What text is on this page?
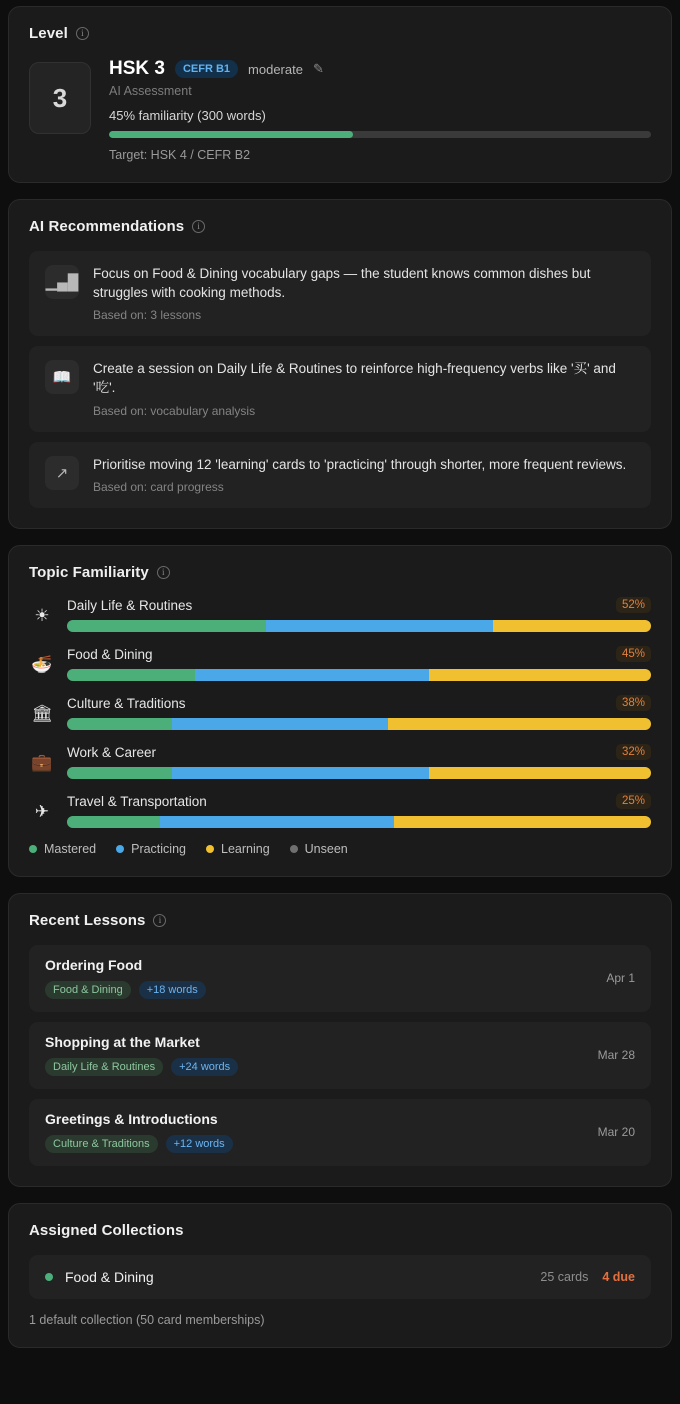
Level	i
3
HSK 3	CEFR B1	moderate ✎
AI Assessment
45% familiarity (300 words)
Target: HSK 4 / CEFR B2
AI Recommendations	i
▁▄█
Focus on Food & Dining vocabulary gaps — the student knows common dishes but struggles with cooking methods.
Based on: 3 lessons
📖
Create a session on Daily Life & Routines to reinforce high-frequency verbs like '买' and '吃'.
Based on: vocabulary analysis
↗
Prioritise moving 12 'learning' cards to 'practicing' through shorter, more frequent reviews.
Based on: card progress
Topic Familiarity	i
☀
Daily Life & Routines	52%
🍜
Food & Dining	45%
🏛
Culture & Traditions	38%
💼
Work & Career	32%
✈
Travel & Transportation	25%
Mastered	Practicing	Learning	Unseen
Recent Lessons	i
Ordering Food
Food & Dining	+18 words
Apr 1
Shopping at the Market
Daily Life & Routines	+24 words
Mar 28
Greetings & Introductions
Culture & Traditions	+12 words
Mar 20
Assigned Collections
Food & Dining	25 cards 4 due
1 default collection (50 card memberships)
